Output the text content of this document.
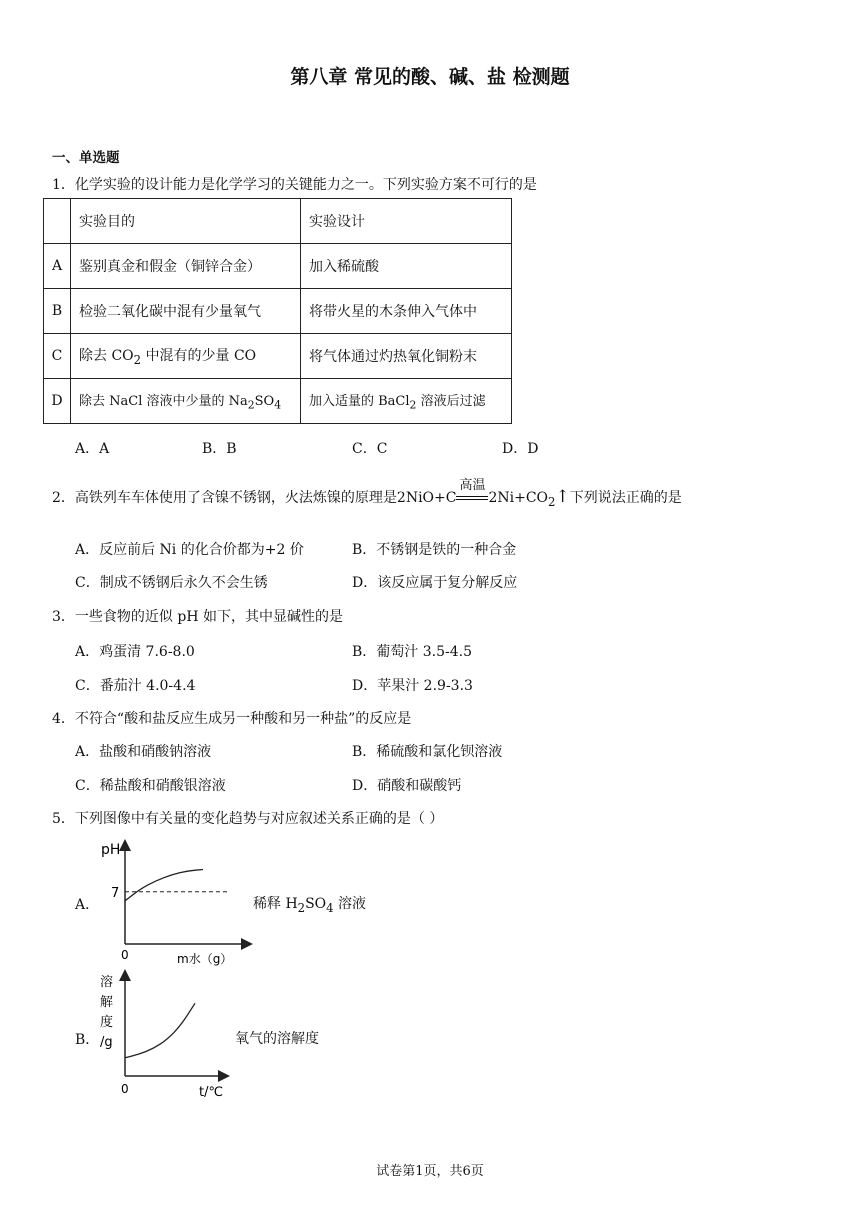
第八章 常见的酸、碱、盐 检测题
一、单选题
1．化学实验的设计能力是化学学习的关键能力之一。下列实验方案不可行的是
	实验目的	实验设计
A	鉴别真金和假金（铜锌合金）	加入稀硫酸
B	检验二氧化碳中混有少量氧气	将带火星的木条伸入气体中
C	除去 $CO_2$ 中混有的少量 CO	将气体通过灼热氧化铜粉末
D	除去 NaCl 溶液中少量的 $Na_2SO_4$	加入适量的 BaCl$_2$ 溶液后过滤
A．A	B．B	C．C	D．D
2．高铁列车车体使用了含镍不锈钢，火法炼镍的原理是2NiO+C
高温
$2Ni+CO_2↑$下列说法正确的是
A．反应前后 Ni 的化合价都为+2 价	B．不锈钢是铁的一种合金
C．制成不锈钢后永久不会生锈	D．该反应属于复分解反应
3．一些食物的近似 pH 如下，其中显碱性的是
A．鸡蛋清 7.6-8.0	B．葡萄汁 3.5-4.5
C．番茄汁 4.0-4.4	D．苹果汁 2.9-3.3
4．不符合“酸和盐反应生成另一种酸和另一种盐”的反应是
A．盐酸和硝酸钠溶液	B．稀硫酸和氯化钡溶液
C．稀盐酸和硝酸银溶液	D．硝酸和碳酸钙
5．下列图像中有关量的变化趋势与对应叙述关系正确的是（ ）
A．
pH
m水（g）
0
7
稀释 $H_2SO_4$ 溶液
B．
溶
解
度
/g
0	t/℃
氧气的溶解度
试卷第1页，共6页
